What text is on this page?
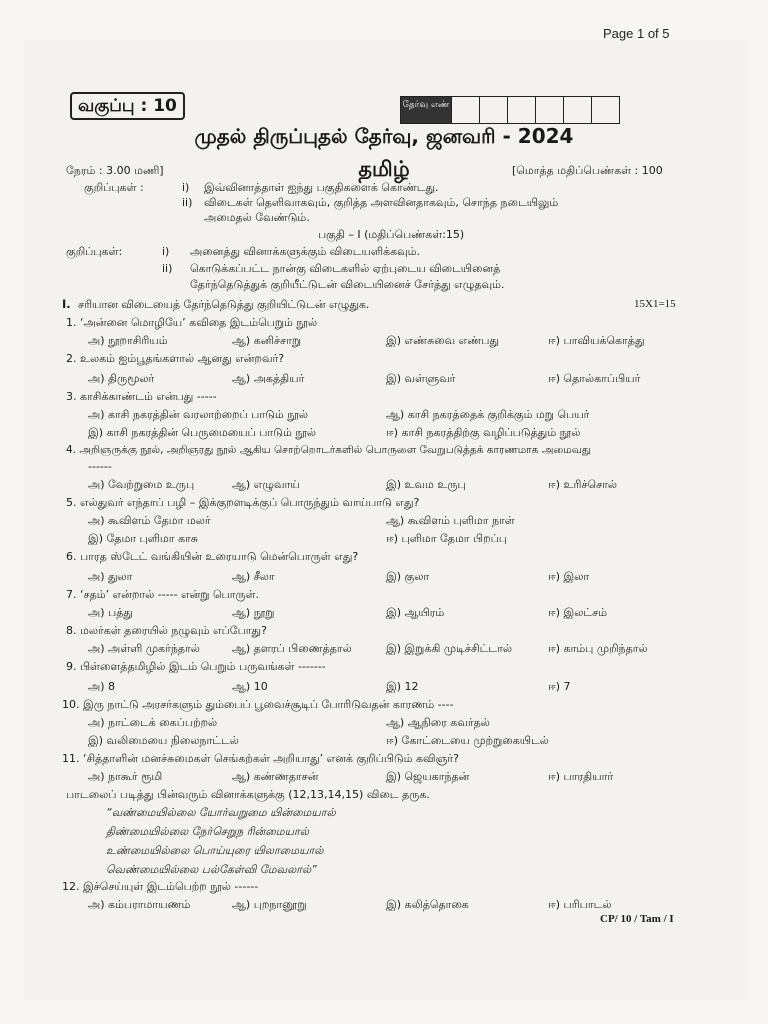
Page 1 of 5
வகுப்பு : 10	தேர்வு எண்
முதல் திருப்புதல் தேர்வு, ஜனவரி - 2024
தமிழ்
நேரம் : 3.00 மணி]	[மொத்த மதிப்பெண்கள் : 100
குறிப்புகள் :	i) இவ்வினாத்தாள் ஐந்து பகுதிகளைக் கொண்டது.
ii) விடைகள் தெளிவாகவும், குறித்த அளவினதாகவும், சொந்த நடையிலும்
அமைதல் வேண்டும்.
பகுதி – I (மதிப்பெண்கள்:15)
குறிப்புகள்:	i) அனைத்து வினாக்களுக்கும் விடையளிக்கவும்.
ii) கொடுக்கப்பட்ட நான்கு விடைகளில் ஏற்புடைய விடையினைத்
தேர்ந்தெடுத்துக் குறியீட்டுடன் விடையினைச் சேர்த்து எழுதவும்.
I. சரியான விடையைத் தேர்ந்தெடுத்து குறியிட்டுடன் எழுதுக.	15X1=15
1. ‘அன்னை மொழியே’ கவிதை இடம்பெறும் நூல்
அ) நூறாசிரியம்	ஆ) கனிச்சாறு	இ) எண்சுவை எண்பது	ஈ) பாவியக்கொத்து
2. உலகம் ஐம்பூதங்களால் ஆனது என்றவர்?
அ) திருமூலர்	ஆ) அகத்தியர்	இ) வள்ளுவர்	ஈ) தொல்காப்பியர்
3. காசிக்காண்டம் என்பது -----
அ) காசி நகரத்தின் வரலாற்றைப் பாடும் நூல்	ஆ) காசி நகரத்தைக் குறிக்கும் மறு பெயர்
இ) காசி நகரத்தின் பெருமையைப் பாடும் நூல்	ஈ) காசி நகரத்திற்கு வழிப்படுத்தும் நூல்
4. அறிஞருக்கு நூல், அறிஞரது நூல் ஆகிய சொற்றொடர்களில் பொருளை வேறுபடுத்தக் காரணமாக அமைவது
------
அ) வேற்றுமை உருபு	ஆ) எழுவாய்	இ) உவம உருபு	ஈ) உரிச்சொல்
5. எல்துவர் எந்தாப் பழி – இக்குறளடிக்குப் பொருந்தும் வாய்பாடு எது?
அ) கூவிளம் தேமா மலர்	ஆ) கூவிளம் புளிமா நாள்
இ) தேமா புளிமா காசு	ஈ) புளிமா தேமா பிறப்பு
6. பாரத ஸ்டேட் வங்கியின் உரையாடு மென்பொருள் எது?
அ) துலா	ஆ) சீலா	இ) குலா	ஈ) இலா
7. ‘சதம்’ என்றால் ----- என்று பொருள்.
அ) பத்து	ஆ) நூறு	இ) ஆயிரம்	ஈ) இலட்சம்
8. மலர்கள் தரையில் நழுவும் எப்போது?
அ) அள்ளி முகர்ந்தால்	ஆ) தளரப் பிணைத்தால்	இ) இறுக்கி முடிச்சிட்டால்	ஈ) காம்பு முறிந்தால்
9. பிள்ளைத்தமிழில் இடம் பெறும் பருவங்கள் -------
அ) 8	ஆ) 10	இ) 12	ஈ) 7
10. இரு நாட்டு அரசர்களும் தும்பைப் பூவைச்சூடிப் போரிடுவதன் காரணம் ----
அ) நாட்டைக் கைப்பற்றல்	ஆ) ஆநிரை கவர்தல்
இ) வலிமையை நிலைநாட்டல்	ஈ) கோட்டையை முற்றுகையிடல்
11. ‘சித்தாளின் மனச்சுமைகள் செங்கற்கள் அறியாது’ எனக் குறிப்பிடும் கவிஞர்?
அ) நாகூர் ரூமி	ஆ) கண்ணதாசன்	இ) ஜெயகாந்தன்	ஈ) பாரதியார்
பாடலைப் படித்து பின்வரும் வினாக்களுக்கு (12,13,14,15) விடை தருக.
“வண்மையில்லை யோர்வறுமை யின்மையால்
திண்மையில்லை நேர்செறுந ரின்மையால்
உண்மையில்லை பொய்யுரை யிலாமையால்
வெண்மையில்லை பல்கேள்வி மேவலால்”
12. இச்செய்யுள் இடம்பெற்ற நூல் ------
அ) கம்பராமாயணம்	ஆ) புறநானூறு	இ) கலித்தொகை	ஈ) பரிபாடல்
CP/ 10 / Tam / I
